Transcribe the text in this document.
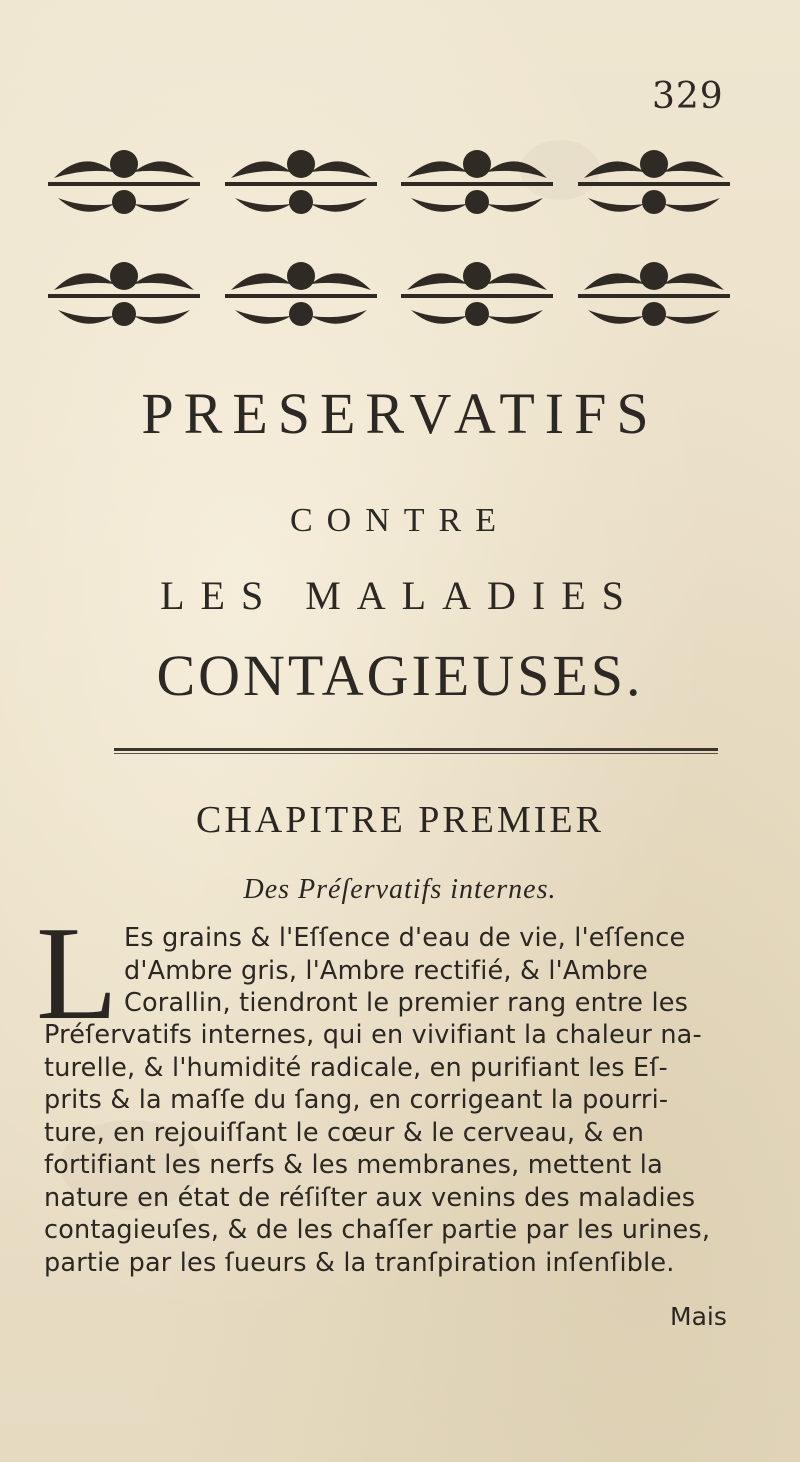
329
PRESERVATIFS
CONTRE
LES MALADIES
CONTAGIEUSES.
CHAPITRE PREMIER
Des Préſervatifs internes.
L Es grains & l'Eſſence d'eau de vie, l'eſſence
d'Ambre gris, l'Ambre rectifié, & l'Ambre
Corallin, tiendront le premier rang entre les
Préſervatifs internes, qui en vivifiant la chaleur na-
turelle, & l'humidité radicale, en purifiant les Eſ-
prits & la maſſe du ſang, en corrigeant la pourri-
ture, en rejouiſſant le cœur & le cerveau, & en
fortifiant les nerfs & les membranes, mettent la
nature en état de réſiſter aux venins des maladies
contagieuſes, & de les chaſſer partie par les urines,
partie par les ſueurs & la tranſpiration inſenſible.
Mais
